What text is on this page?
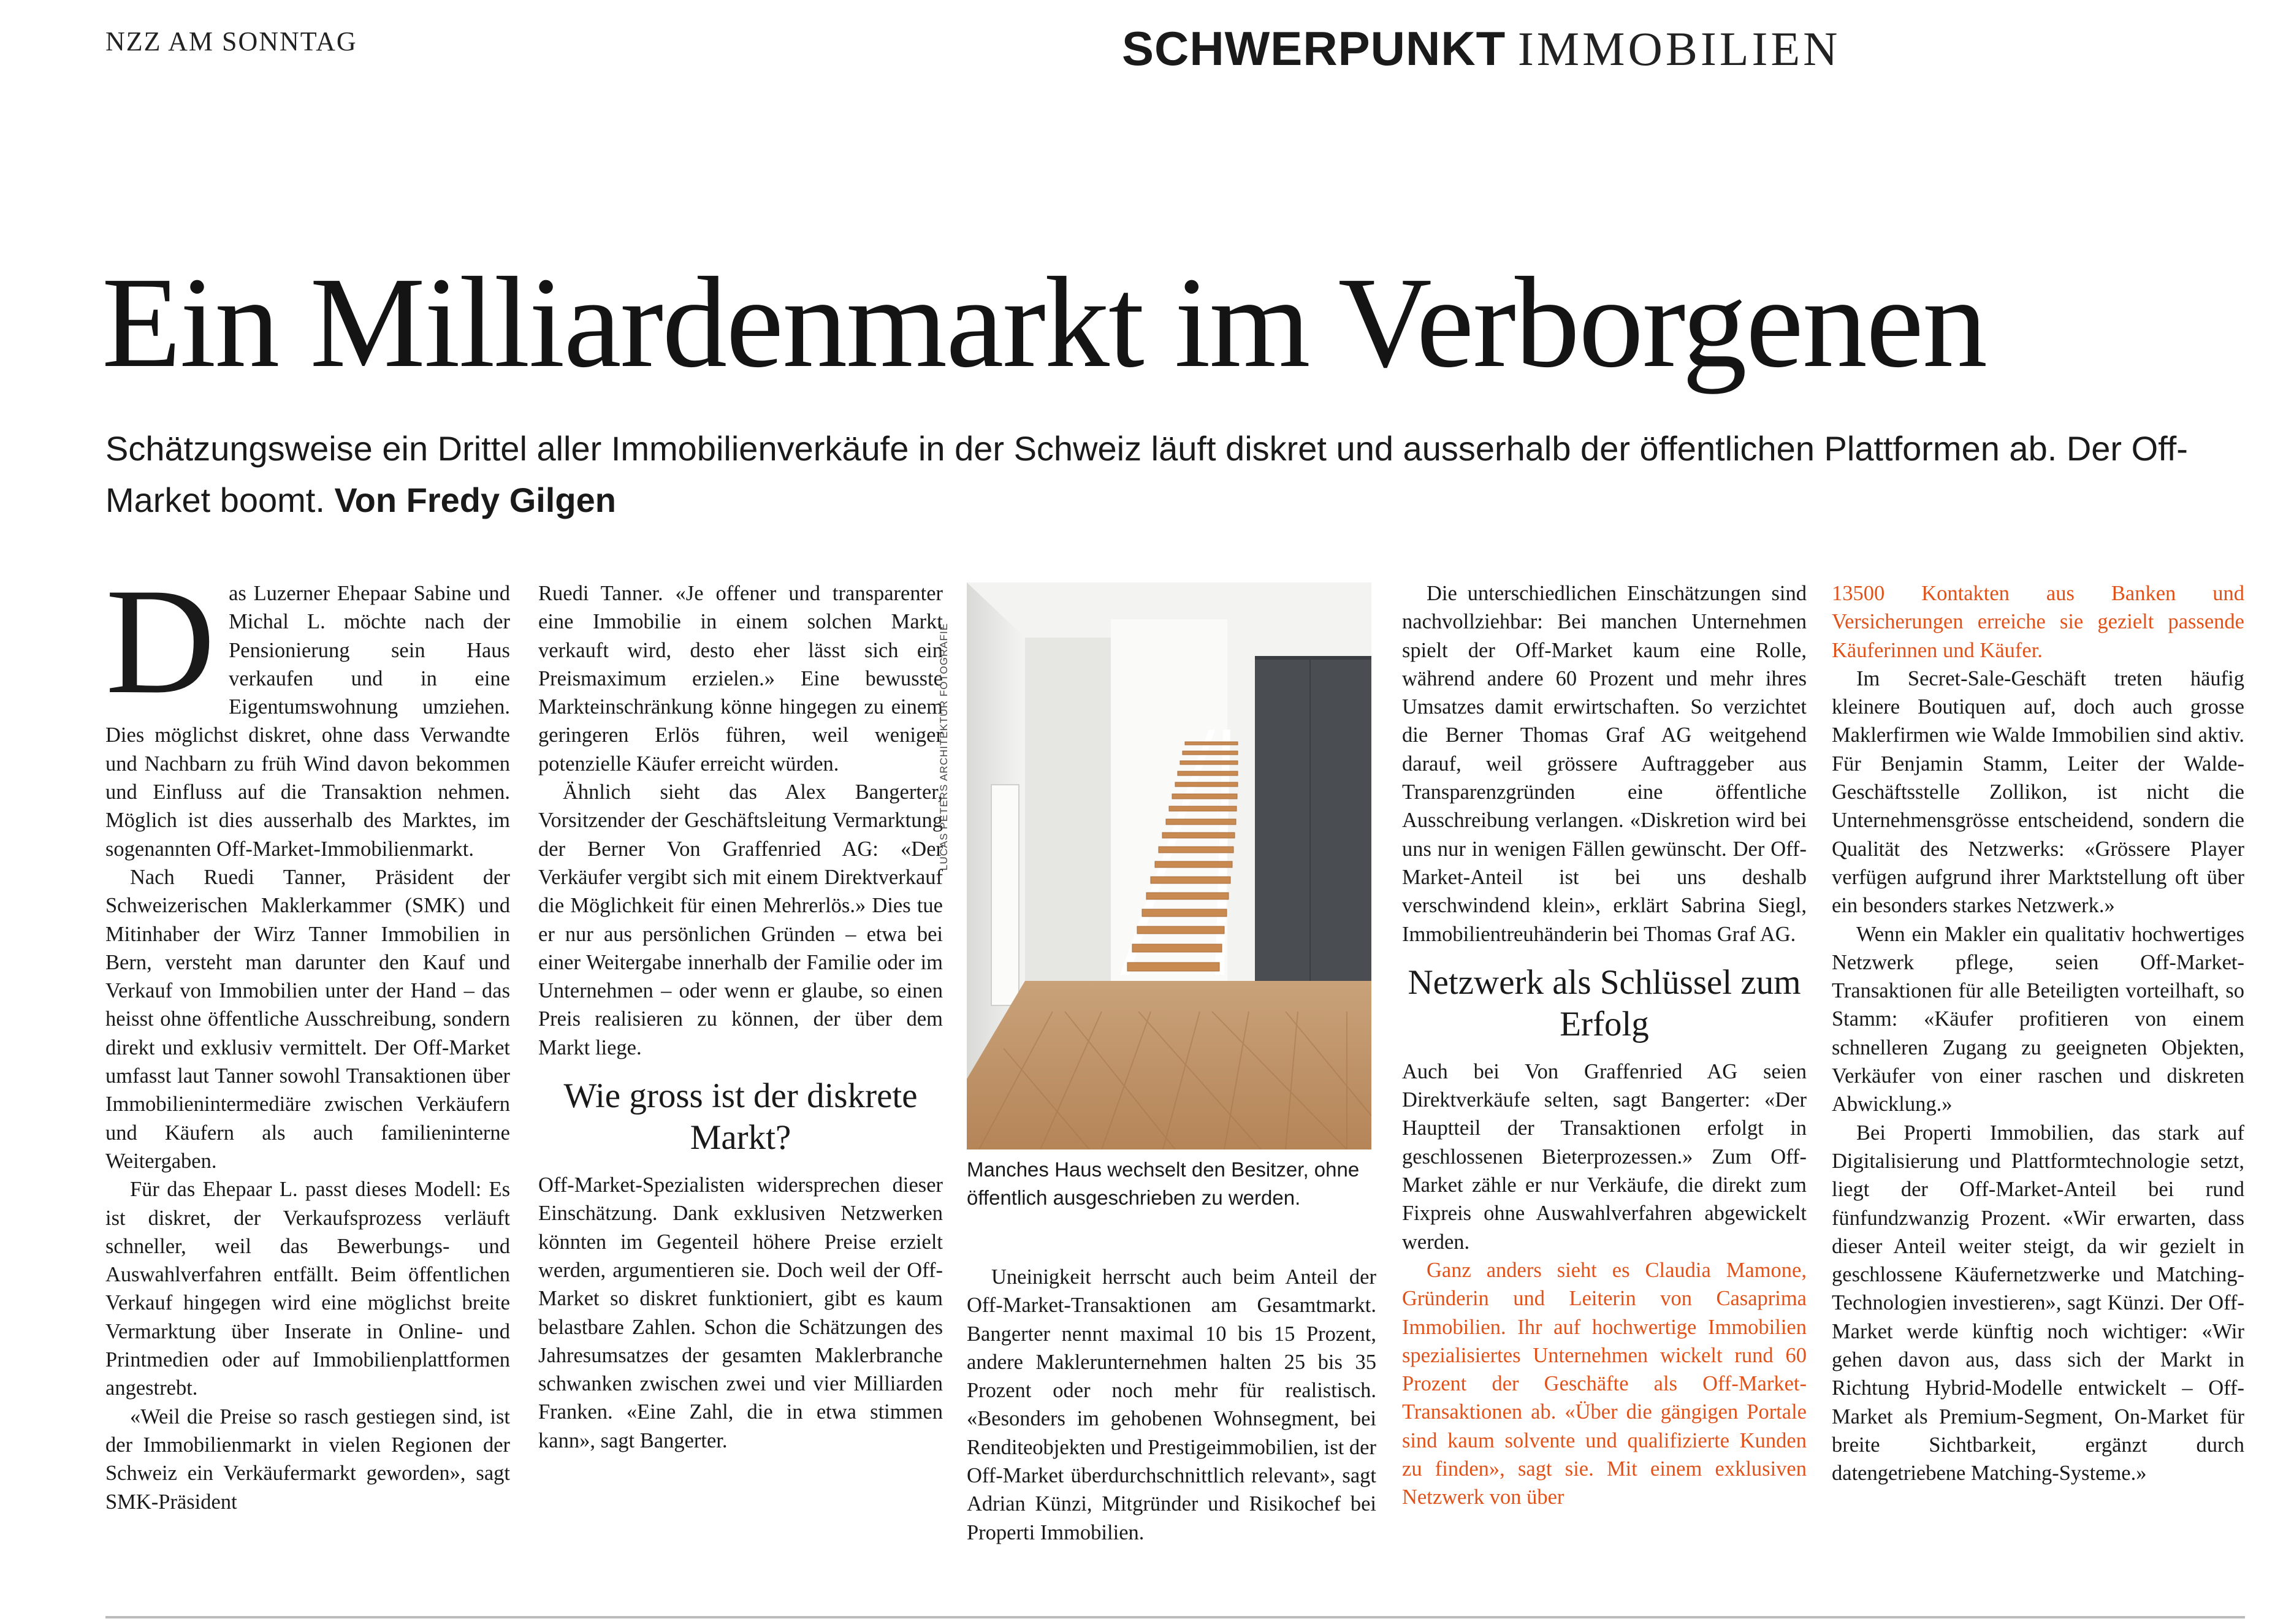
NZZ AM SONNTAG	SCHWERPUNKT IMMOBILIEN
Ein Milliardenmarkt im Verborgenen
Schätzungsweise ein Drittel aller Immobilienverkäufe in der Schweiz läuft diskret und ausserhalb der öffentlichen Plattformen ab. Der Off-Market boomt. Von Fredy Gilgen

Das Luzerner Ehepaar Sabine und Michal L. möchte nach der Pensionierung sein Haus verkaufen und in eine Eigentumswohnung umziehen. Dies möglichst diskret, ohne dass Verwandte und Nachbarn zu früh Wind davon bekommen und Einfluss auf die Transaktion nehmen. Möglich ist dies ausserhalb des Marktes, im sogenannten Off-Market-Immobilienmarkt.

Nach Ruedi Tanner, Präsident der Schweizerischen Maklerkammer (SMK) und Mitinhaber der Wirz Tanner Immobilien in Bern, versteht man darunter den Kauf und Verkauf von Immobilien unter der Hand – das heisst ohne öffentliche Ausschreibung, sondern direkt und exklusiv vermittelt. Der Off-Market umfasst laut Tanner sowohl Transaktionen über Immobilienintermediäre zwischen Verkäufern und Käufern als auch familieninterne Weitergaben.

Für das Ehepaar L. passt dieses Modell: Es ist diskret, der Verkaufsprozess verläuft schneller, weil das Bewerbungs- und Auswahlverfahren entfällt. Beim öffentlichen Verkauf hingegen wird eine möglichst breite Vermarktung über Inserate in Online- und Printmedien oder auf Immobilienplattformen angestrebt.

«Weil die Preise so rasch gestiegen sind, ist der Immobilienmarkt in vielen Regionen der Schweiz ein Verkäufermarkt geworden», sagt SMK-Präsident

Ruedi Tanner. «Je offener und transparenter eine Immobilie in einem solchen Markt verkauft wird, desto eher lässt sich ein Preismaximum erzielen.» Eine bewusste Markteinschränkung könne hingegen zu einem geringeren Erlös führen, weil weniger potenzielle Käufer erreicht würden.

Ähnlich sieht das Alex Bangerter, Vorsitzender der Geschäftsleitung Vermarktung der Berner Von Graffenried AG: «Der Verkäufer vergibt sich mit einem Direktverkauf die Möglichkeit für einen Mehrerlös.» Dies tue er nur aus persönlichen Gründen – etwa bei einer Weitergabe innerhalb der Familie oder im Unternehmen – oder wenn er glaube, so einen Preis realisieren zu können, der über dem Markt liege.

Wie gross ist der diskrete Markt?

Off-Market-Spezialisten widersprechen dieser Einschätzung. Dank exklusiven Netzwerken könnten im Gegenteil höhere Preise erzielt werden, argumentieren sie. Doch weil der Off-Market so diskret funktioniert, gibt es kaum belastbare Zahlen. Schon die Schätzungen des Jahresumsatzes der gesamten Maklerbranche schwanken zwischen zwei und vier Milliarden Franken. «Eine Zahl, die in etwa stimmen kann», sagt Bangerter.

LUCAS PETERS ARCHITEKTUR FOTOGRAFIE
Manches Haus wechselt den Besitzer, ohne öffentlich ausgeschrieben zu werden.

Uneinigkeit herrscht auch beim Anteil der Off-Market-Transaktionen am Gesamtmarkt. Bangerter nennt maximal 10 bis 15 Prozent, andere Maklerunternehmen halten 25 bis 35 Prozent oder noch mehr für realistisch. «Besonders im gehobenen Wohnsegment, bei Renditeobjekten und Prestigeimmobilien, ist der Off-Market überdurchschnittlich relevant», sagt Adrian Künzi, Mitgründer und Risikochef bei Properti Immobilien.

Die unterschiedlichen Einschätzungen sind nachvollziehbar: Bei manchen Unternehmen spielt der Off-Market kaum eine Rolle, während andere 60 Prozent und mehr ihres Umsatzes damit erwirtschaften. So verzichtet die Berner Thomas Graf AG weitgehend darauf, weil grössere Auftraggeber aus Transparenzgründen eine öffentliche Ausschreibung verlangen. «Diskretion wird bei uns nur in wenigen Fällen gewünscht. Der Off-Market-Anteil ist bei uns deshalb verschwindend klein», erklärt Sabrina Siegl, Immobilientreuhänderin bei Thomas Graf AG.

Netzwerk als Schlüssel zum Erfolg

Auch bei Von Graffenried AG seien Direktverkäufe selten, sagt Bangerter: «Der Hauptteil der Transaktionen erfolgt in geschlossenen Bieterprozessen.» Zum Off-Market zähle er nur Verkäufe, die direkt zum Fixpreis ohne Auswahlverfahren abgewickelt werden.

Ganz anders sieht es Claudia Mamone, Gründerin und Leiterin von Casaprima Immobilien. Ihr auf hochwertige Immobilien spezialisiertes Unternehmen wickelt rund 60 Prozent der Geschäfte als Off-Market-Transaktionen ab. «Über die gängigen Portale sind kaum solvente und qualifizierte Kunden zu finden», sagt sie. Mit einem exklusiven Netzwerk von über

13500 Kontakten aus Banken und Versicherungen erreiche sie gezielt passende Käuferinnen und Käufer.

Im Secret-Sale-Geschäft treten häufig kleinere Boutiquen auf, doch auch grosse Maklerfirmen wie Walde Immobilien sind aktiv. Für Benjamin Stamm, Leiter der Walde-Geschäftsstelle Zollikon, ist nicht die Unternehmensgrösse entscheidend, sondern die Qualität des Netzwerks: «Grössere Player verfügen aufgrund ihrer Marktstellung oft über ein besonders starkes Netzwerk.»

Wenn ein Makler ein qualitativ hochwertiges Netzwerk pflege, seien Off-Market-Transaktionen für alle Beteiligten vorteilhaft, so Stamm: «Käufer profitieren von einem schnelleren Zugang zu geeigneten Objekten, Verkäufer von einer raschen und diskreten Abwicklung.»

Bei Properti Immobilien, das stark auf Digitalisierung und Plattformtechnologie setzt, liegt der Off-Market-Anteil bei rund fünfundzwanzig Prozent. «Wir erwarten, dass dieser Anteil weiter steigt, da wir gezielt in geschlossene Käufernetzwerke und Matching-Technologien investieren», sagt Künzi. Der Off-Market werde künftig noch wichtiger: «Wir gehen davon aus, dass sich der Markt in Richtung Hybrid-Modelle entwickelt – Off-Market als Premium-Segment, On-Market für breite Sichtbarkeit, ergänzt durch datengetriebene Matching-Systeme.»
